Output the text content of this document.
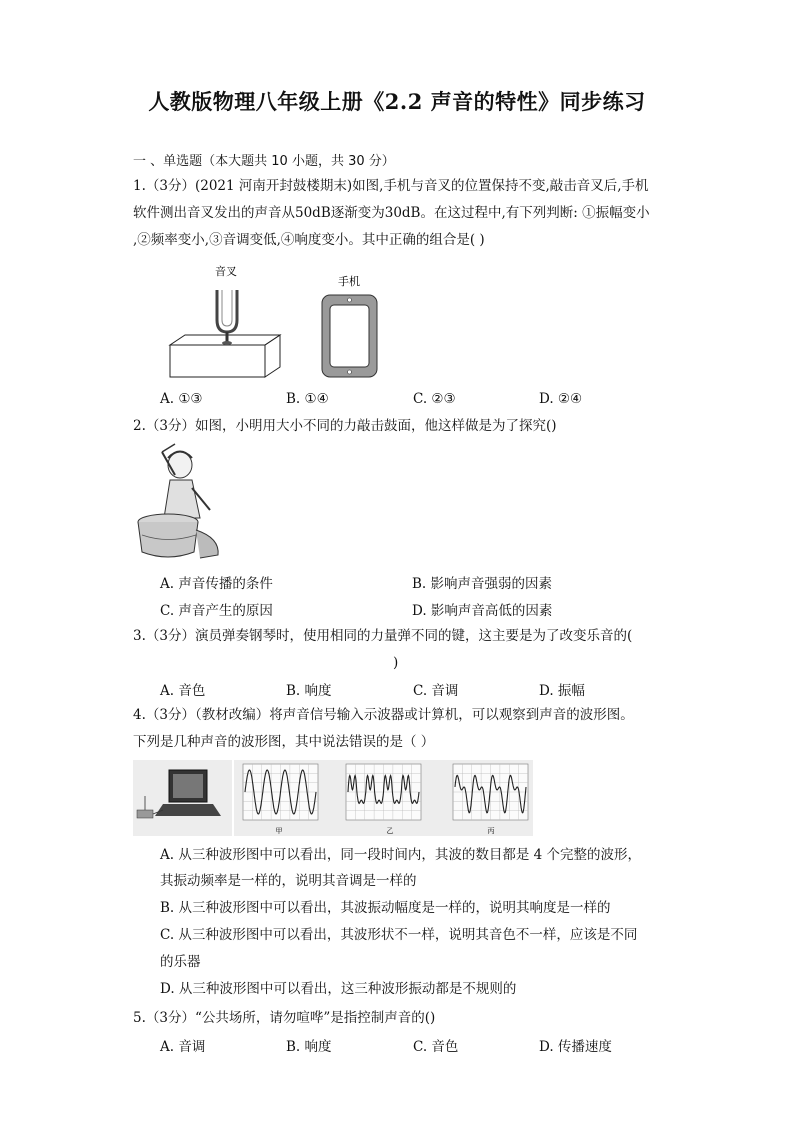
人教版物理八年级上册《2.2 声音的特性》同步练习
一 、单选题（本大题共 10 小题，共 30 分）
1.（3分）(2021 河南开封鼓楼期末)如图,手机与音叉的位置保持不变,敲击音叉后,手机
软件测出音叉发出的声音从50dB逐渐变为30dB。在这过程中,有下列判断: ①振幅变小
,②频率变小,③音调变低,④响度变小。其中正确的组合是( )
音叉
手机
A. ①③	B. ①④	C. ②③	D. ②④
2.（3分）如图，小明用大小不同的力敲击鼓面，他这样做是为了探究()
A. 声音传播的条件	B. 影响声音强弱的因素
C. 声音产生的原因	D. 影响声音高低的因素
3.（3分）演员弹奏钢琴时，使用相同的力量弹不同的键，这主要是为了改变乐音的(
)
A. 音色	B. 响度	C. 音调	D. 振幅
4.（3分）（教材改编）将声音信号输入示波器或计算机，可以观察到声音的波形图。
下列是几种声音的波形图，其中说法错误的是（ ）
甲	乙	丙
A. 从三种波形图中可以看出，同一段时间内，其波的数目都是 4 个完整的波形，
其振动频率是一样的，说明其音调是一样的
B. 从三种波形图中可以看出，其波振动幅度是一样的，说明其响度是一样的
C. 从三种波形图中可以看出，其波形状不一样，说明其音色不一样，应该是不同
的乐器
D. 从三种波形图中可以看出，这三种波形振动都是不规则的
5.（3分）“公共场所，请勿喧哗”是指控制声音的()
A. 音调	B. 响度	C. 音色	D. 传播速度
